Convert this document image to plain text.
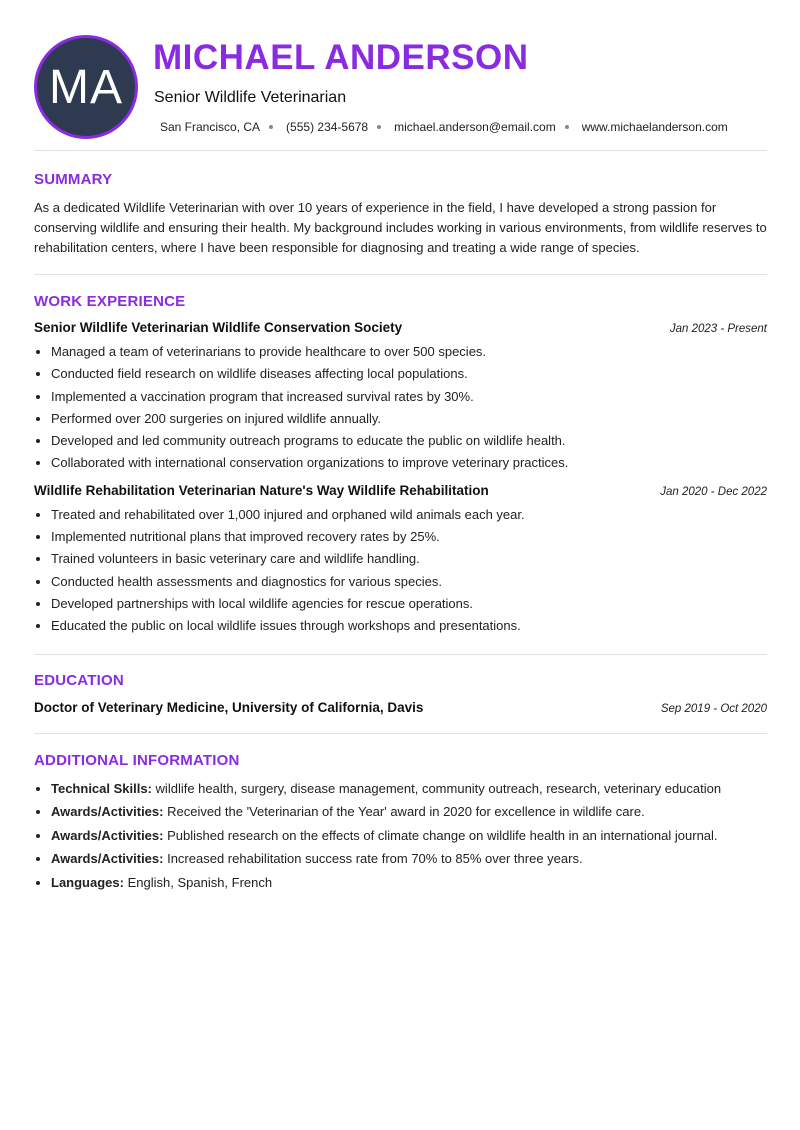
MA
MICHAEL ANDERSON
Senior Wildlife Veterinarian
San Francisco, CA (555) 234-5678 michael.anderson@email.com www.michaelanderson.com
SUMMARY

As a dedicated Wildlife Veterinarian with over 10 years of experience in the field, I have developed a strong passion for conserving wildlife and ensuring their health. My background includes working in various environments, from wildlife reserves to rehabilitation centers, where I have been responsible for diagnosing and treating a wide range of species.

WORK EXPERIENCE
Senior Wildlife Veterinarian Wildlife Conservation Society	Jan 2023 - Present
• Managed a team of veterinarians to provide healthcare to over 500 species.
• Conducted field research on wildlife diseases affecting local populations.
• Implemented a vaccination program that increased survival rates by 30%.
• Performed over 200 surgeries on injured wildlife annually.
• Developed and led community outreach programs to educate the public on wildlife health.
• Collaborated with international conservation organizations to improve veterinary practices.
Wildlife Rehabilitation Veterinarian Nature's Way Wildlife Rehabilitation	Jan 2020 - Dec 2022
• Treated and rehabilitated over 1,000 injured and orphaned wild animals each year.
• Implemented nutritional plans that improved recovery rates by 25%.
• Trained volunteers in basic veterinary care and wildlife handling.
• Conducted health assessments and diagnostics for various species.
• Developed partnerships with local wildlife agencies for rescue operations.
• Educated the public on local wildlife issues through workshops and presentations.
EDUCATION
Doctor of Veterinary Medicine, University of California, Davis	Sep 2019 - Oct 2020
ADDITIONAL INFORMATION
• Technical Skills: wildlife health, surgery, disease management, community outreach, research, veterinary education
• Awards/Activities: Received the 'Veterinarian of the Year' award in 2020 for excellence in wildlife care.
• Awards/Activities: Published research on the effects of climate change on wildlife health in an international journal.
• Awards/Activities: Increased rehabilitation success rate from 70% to 85% over three years.
• Languages: English, Spanish, French
